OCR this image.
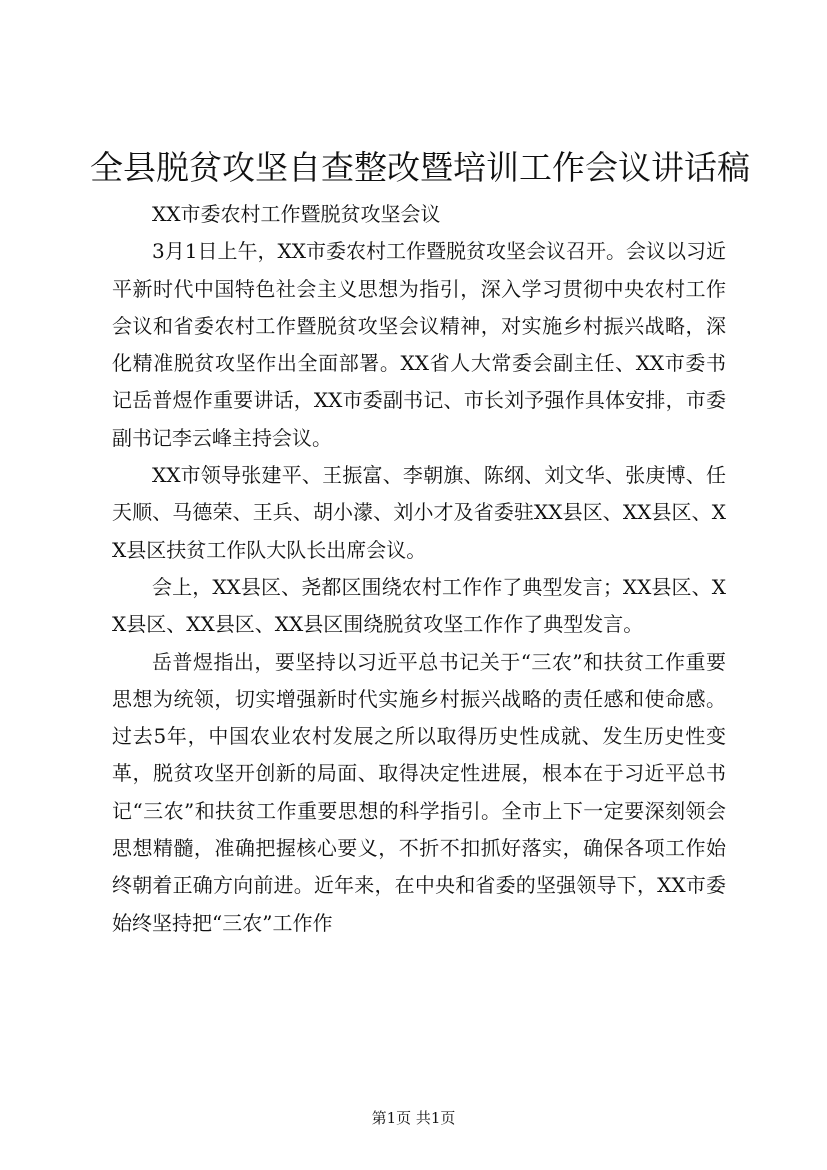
全县脱贫攻坚自查整改暨培训工作会议讲话稿

XX市委农村工作暨脱贫攻坚会议

3月1日上午，XX市委农村工作暨脱贫攻坚会议召开。会议以习近平新时代中国特色社会主义思想为指引，深入学习贯彻中央农村工作会议和省委农村工作暨脱贫攻坚会议精神，对实施乡村振兴战略，深化精准脱贫攻坚作出全面部署。XX省人大常委会副主任、XX市委书记岳普煜作重要讲话，XX市委副书记、市长刘予强作具体安排，市委副书记李云峰主持会议。

XX市领导张建平、王振富、李朝旗、陈纲、刘文华、张庚博、任天顺、马德荣、王兵、胡小濛、刘小才及省委驻XX县区、XX县区、XX县区扶贫工作队大队长出席会议。

会上，XX县区、尧都区围绕农村工作作了典型发言；XX县区、XX县区、XX县区、XX县区围绕脱贫攻坚工作作了典型发言。

岳普煜指出，要坚持以习近平总书记关于“三农”和扶贫工作重要思想为统领，切实增强新时代实施乡村振兴战略的责任感和使命感。过去5年，中国农业农村发展之所以取得历史性成就、发生历史性变革，脱贫攻坚开创新的局面、取得决定性进展，根本在于习近平总书记“三农”和扶贫工作重要思想的科学指引。全市上下一定要深刻领会思想精髓，准确把握核心要义，不折不扣抓好落实，确保各项工作始终朝着正确方向前进。近年来，在中央和省委的坚强领导下，XX市委始终坚持把“三农”工作作

第1页 共1页
